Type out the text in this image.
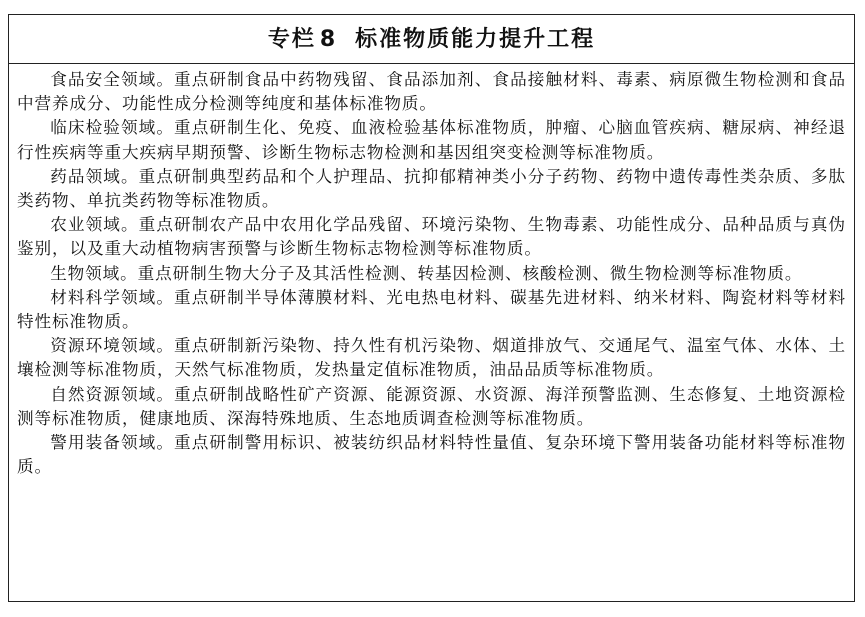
专栏 8 标准物质能力提升工程

食品安全领域。重点研制食品中药物残留、食品添加剂、食品接触材料、毒素、病原微生物检测和食品中营养成分、功能性成分检测等纯度和基体标准物质。

临床检验领域。重点研制生化、免疫、血液检验基体标准物质，肿瘤、心脑血管疾病、糖尿病、神经退行性疾病等重大疾病早期预警、诊断生物标志物检测和基因组突变检测等标准物质。

药品领域。重点研制典型药品和个人护理品、抗抑郁精神类小分子药物、药物中遗传毒性类杂质、多肽类药物、单抗类药物等标准物质。

农业领域。重点研制农产品中农用化学品残留、环境污染物、生物毒素、功能性成分、品种品质与真伪鉴别，以及重大动植物病害预警与诊断生物标志物检测等标准物质。

生物领域。重点研制生物大分子及其活性检测、转基因检测、核酸检测、微生物检测等标准物质。

材料科学领域。重点研制半导体薄膜材料、光电热电材料、碳基先进材料、纳米材料、陶瓷材料等材料特性标准物质。

资源环境领域。重点研制新污染物、持久性有机污染物、烟道排放气、交通尾气、温室气体、水体、土壤检测等标准物质，天然气标准物质，发热量定值标准物质，油品品质等标准物质。

自然资源领域。重点研制战略性矿产资源、能源资源、水资源、海洋预警监测、生态修复、土地资源检测等标准物质，健康地质、深海特殊地质、生态地质调查检测等标准物质。

警用装备领域。重点研制警用标识、被装纺织品材料特性量值、复杂环境下警用装备功能材料等标准物质。
